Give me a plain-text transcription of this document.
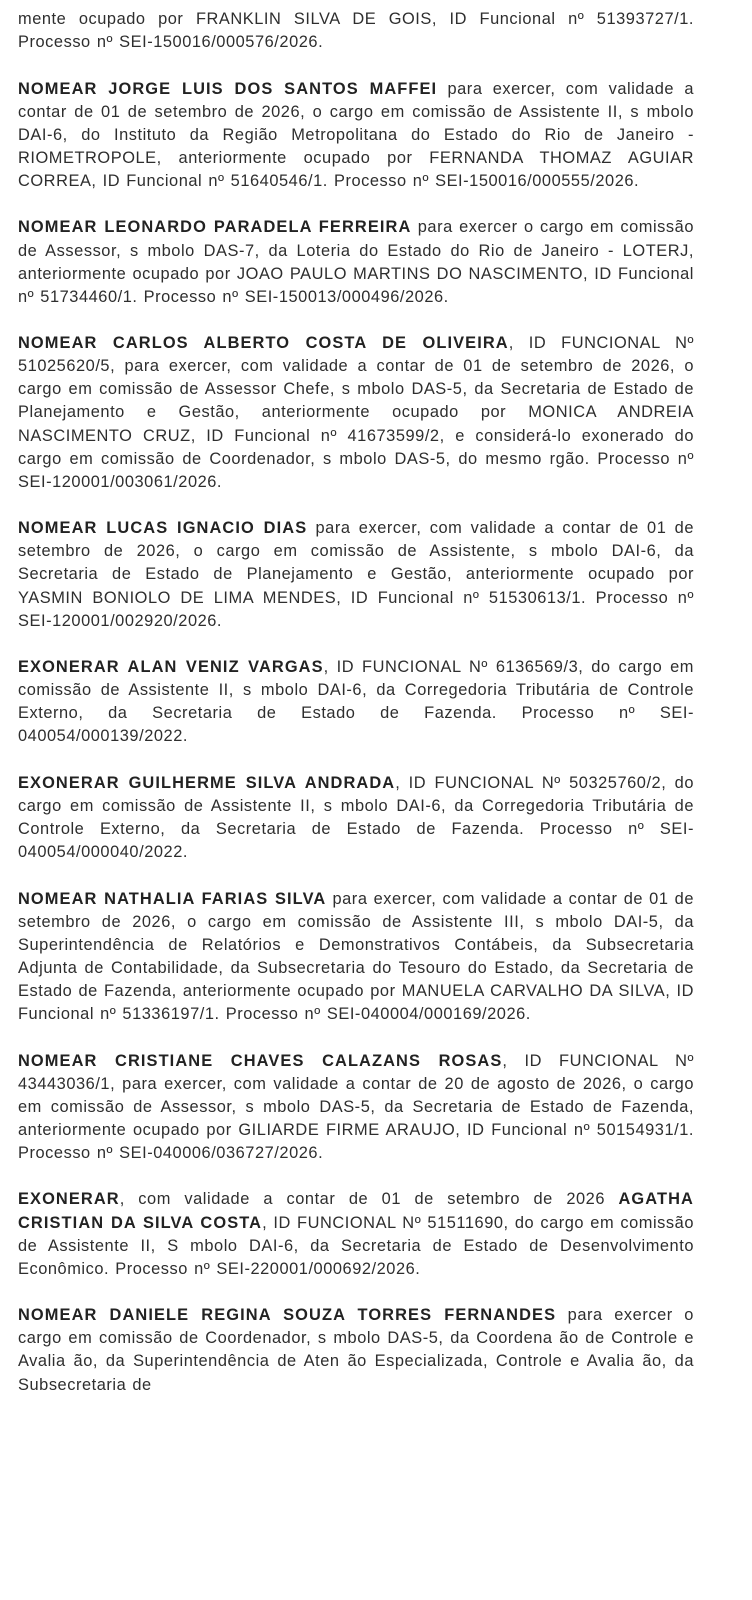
mente ocupado por FRANKLIN SILVA DE GOIS, ID Funcional nº 51393727/1. Processo nº SEI-150016/000576/2026.

NOMEAR JORGE LUIS DOS SANTOS MAFFEI para exercer, com validade a contar de 01 de setembro de 2026, o cargo em comissão de Assistente II, s mbolo DAI-6, do Instituto da Região Metropolitana do Estado do Rio de Janeiro - RIOMETROPOLE, anteriormente ocupado por FERNANDA THOMAZ AGUIAR CORREA, ID Funcional nº 51640546/1. Processo nº SEI-150016/000555/2026.

NOMEAR LEONARDO PARADELA FERREIRA para exercer o cargo em comissão de Assessor, s mbolo DAS-7, da Loteria do Estado do Rio de Janeiro - LOTERJ, anteriormente ocupado por JOAO PAULO MARTINS DO NASCIMENTO, ID Funcional nº 51734460/1. Processo nº SEI-150013/000496/2026.

NOMEAR CARLOS ALBERTO COSTA DE OLIVEIRA, ID FUNCIONAL Nº 51025620/5, para exercer, com validade a contar de 01 de setembro de 2026, o cargo em comissão de Assessor Chefe, s mbolo DAS-5, da Secretaria de Estado de Planejamento e Gestão, anteriormente ocupado por MONICA ANDREIA NASCIMENTO CRUZ, ID Funcional nº 41673599/2, e considerá-lo exonerado do cargo em comissão de Coordenador, s mbolo DAS-5, do mesmo rgão. Processo nº SEI-120001/003061/2026.

NOMEAR LUCAS IGNACIO DIAS para exercer, com validade a contar de 01 de setembro de 2026, o cargo em comissão de Assistente, s mbolo DAI-6, da Secretaria de Estado de Planejamento e Gestão, anteriormente ocupado por YASMIN BONIOLO DE LIMA MENDES, ID Funcional nº 51530613/1. Processo nº SEI-120001/002920/2026.

EXONERAR ALAN VENIZ VARGAS, ID FUNCIONAL Nº 6136569/3, do cargo em comissão de Assistente II, s mbolo DAI-6, da Corregedoria Tributária de Controle Externo, da Secretaria de Estado de Fazenda. Processo nº SEI-040054/000139/2022.

EXONERAR GUILHERME SILVA ANDRADA, ID FUNCIONAL Nº 50325760/2, do cargo em comissão de Assistente II, s mbolo DAI-6, da Corregedoria Tributária de Controle Externo, da Secretaria de Estado de Fazenda. Processo nº SEI-040054/000040/2022.

NOMEAR NATHALIA FARIAS SILVA para exercer, com validade a contar de 01 de setembro de 2026, o cargo em comissão de Assistente III, s mbolo DAI-5, da Superintendência de Relatórios e Demonstrativos Contábeis, da Subsecretaria Adjunta de Contabilidade, da Subsecretaria do Tesouro do Estado, da Secretaria de Estado de Fazenda, anteriormente ocupado por MANUELA CARVALHO DA SILVA, ID Funcional nº 51336197/1. Processo nº SEI-040004/000169/2026.

NOMEAR CRISTIANE CHAVES CALAZANS ROSAS, ID FUNCIONAL Nº 43443036/1, para exercer, com validade a contar de 20 de agosto de 2026, o cargo em comissão de Assessor, s mbolo DAS-5, da Secretaria de Estado de Fazenda, anteriormente ocupado por GILIARDE FIRME ARAUJO, ID Funcional nº 50154931/1. Processo nº SEI-040006/036727/2026.

EXONERAR, com validade a contar de 01 de setembro de 2026 AGATHA CRISTIAN DA SILVA COSTA, ID FUNCIONAL Nº 51511690, do cargo em comissão de Assistente II, S mbolo DAI-6, da Secretaria de Estado de Desenvolvimento Econômico. Processo nº SEI-220001/000692/2026.

NOMEAR DANIELE REGINA SOUZA TORRES FERNANDES para exercer o cargo em comissão de Coordenador, s mbolo DAS-5, da Coordena ão de Controle e Avalia ão, da Superintendência de Aten ão Especializada, Controle e Avalia ão, da Subsecretaria de
